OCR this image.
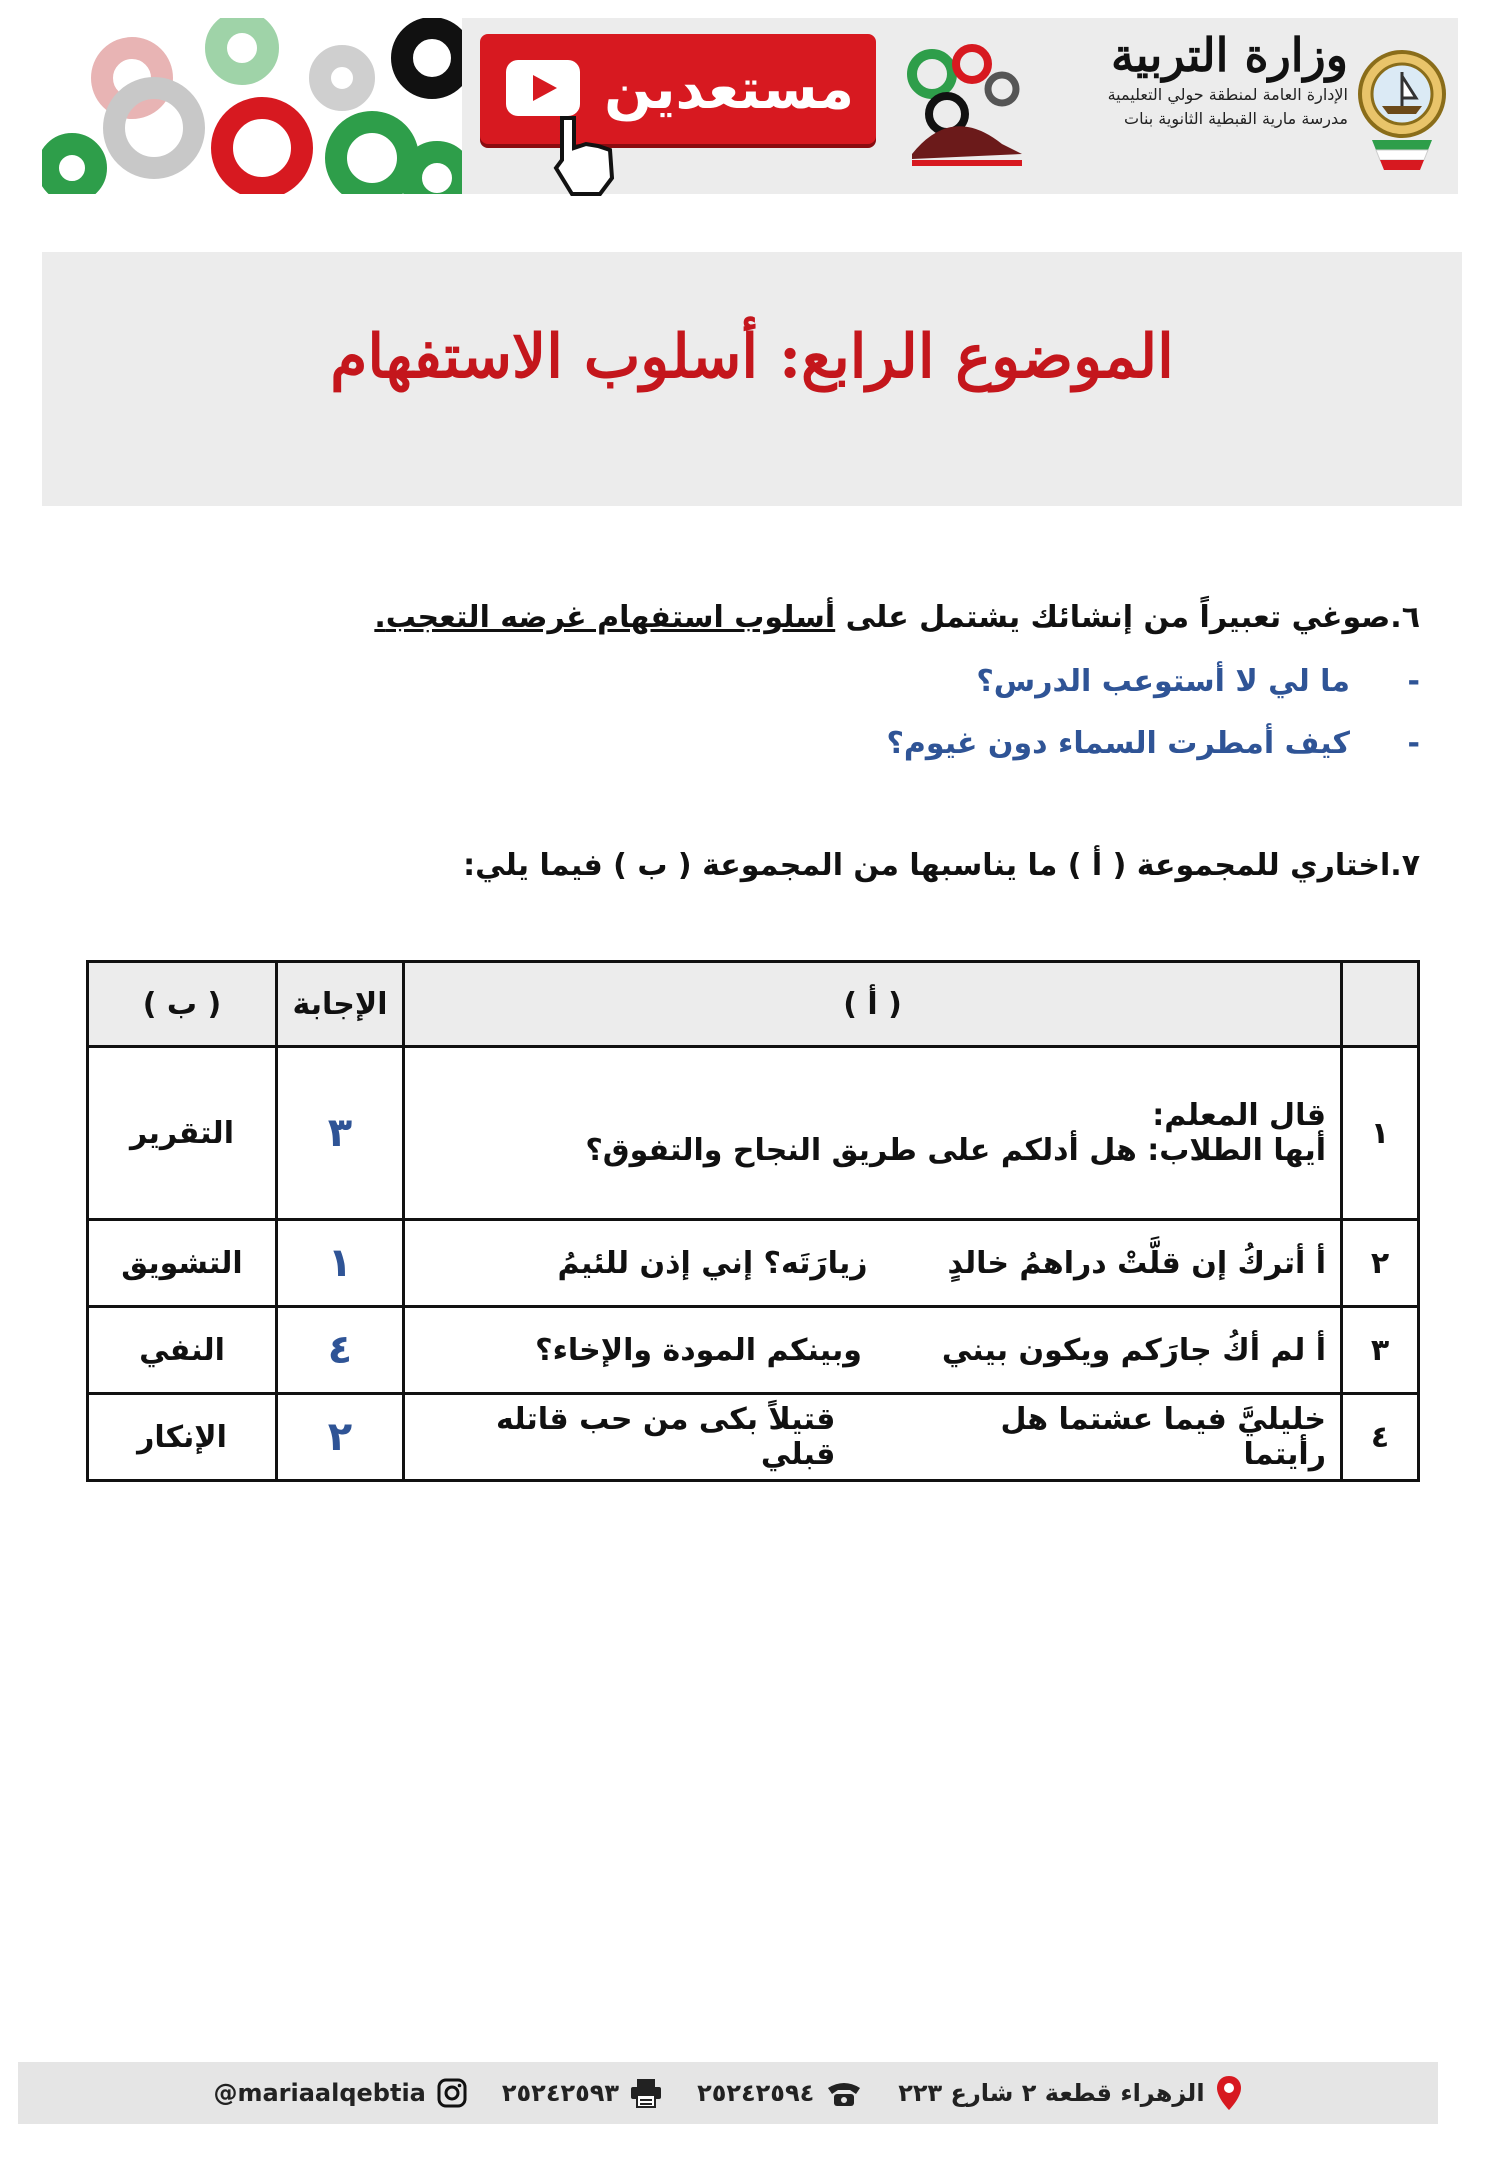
مستعدين
وزارة التربية
الإدارة العامة لمنطقة حولي التعليمية
مدرسة مارية القبطية الثانوية بنات
الموضوع الرابع: أسلوب الاستفهام
٦.صوغي تعبيراً من إنشائك يشتمل على أسلوب استفهام غرضه التعجب.
-ما لي لا أستوعب الدرس؟
-كيف أمطرت السماء دون غيوم؟
٧.اختاري للمجموعة ( أ ) ما يناسبها من المجموعة ( ب ) فيما يلي:
	( أ )	الإجابة	( ب )
١	قال المعلم:
أيها الطلاب: هل أدلكم على طريق النجاح والتفوق؟	٣	التقرير
٢	أ أتركُ إن قلَّتْ دراهمُ خالدٍ
زيارَتَه؟ إني إذن للئيمُ	١	التشويق
٣	أ لم أكُ جارَكم ويكون بيني
وبينكم المودة والإخاء؟	٤	النفي
٤	خليليَّ فيما عشتما هل رأيتما
قتيلاً بكى من حب قاتله قبلي	٢	الإنكار
الزهراء قطعة ٢ شارع ٢٢٣
٢٥٢٤٢٥٩٤
٢٥٢٤٢٥٩٣
@mariaalqebtia
